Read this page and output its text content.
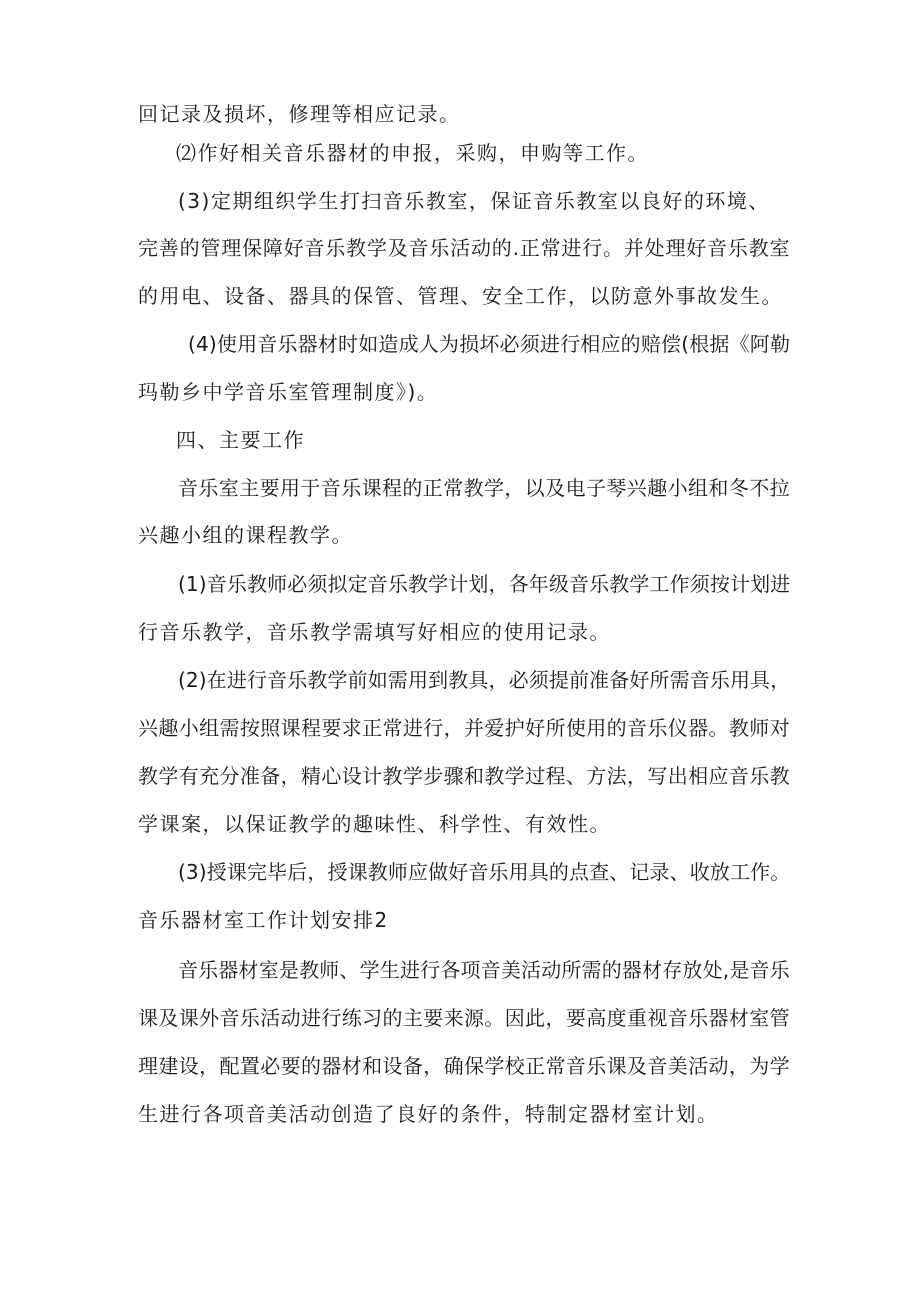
回记录及损坏，修理等相应记录。
⑵作好相关音乐器材的申报，采购，申购等工作。
(3)定期组织学生打扫音乐教室，保证音乐教室以良好的环境、
完善的管理保障好音乐教学及音乐活动的.正常进行。并处理好音乐教室
的用电、设备、器具的保管、管理、安全工作，以防意外事故发生。
(4)使用音乐器材时如造成人为损坏必须进行相应的赔偿(根据《阿勒
玛勒乡中学音乐室管理制度》)。
四、主要工作
音乐室主要用于音乐课程的正常教学，以及电子琴兴趣小组和冬不拉
兴趣小组的课程教学。
(1)音乐教师必须拟定音乐教学计划，各年级音乐教学工作须按计划进
行音乐教学，音乐教学需填写好相应的使用记录。
(2)在进行音乐教学前如需用到教具，必须提前准备好所需音乐用具，
兴趣小组需按照课程要求正常进行，并爱护好所使用的音乐仪器。教师对
教学有充分准备，精心设计教学步骤和教学过程、方法，写出相应音乐教
学课案，以保证教学的趣味性、科学性、有效性。
(3)授课完毕后，授课教师应做好音乐用具的点查、记录、收放工作。
音乐器材室工作计划安排2
音乐器材室是教师、学生进行各项音美活动所需的器材存放处,是音乐
课及课外音乐活动进行练习的主要来源。因此，要高度重视音乐器材室管
理建设，配置必要的器材和设备，确保学校正常音乐课及音美活动，为学
生进行各项音美活动创造了良好的条件，特制定器材室计划。
